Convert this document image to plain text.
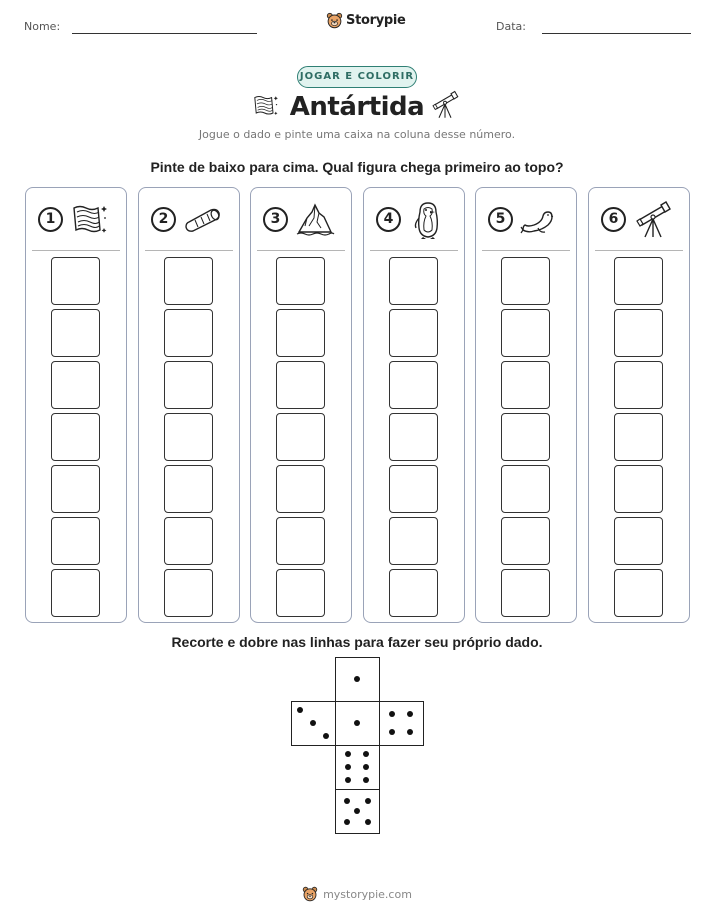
Nome:	Storypie	Data:
JOGAR E COLORIR
Antártida
Jogue o dado e pinte uma caixa na coluna desse número.
Pinte de baixo para cima. Qual figura chega primeiro ao topo?
1	2	3	4	5	6
Recorte e dobre nas linhas para fazer seu próprio dado.
mystorypie.com
